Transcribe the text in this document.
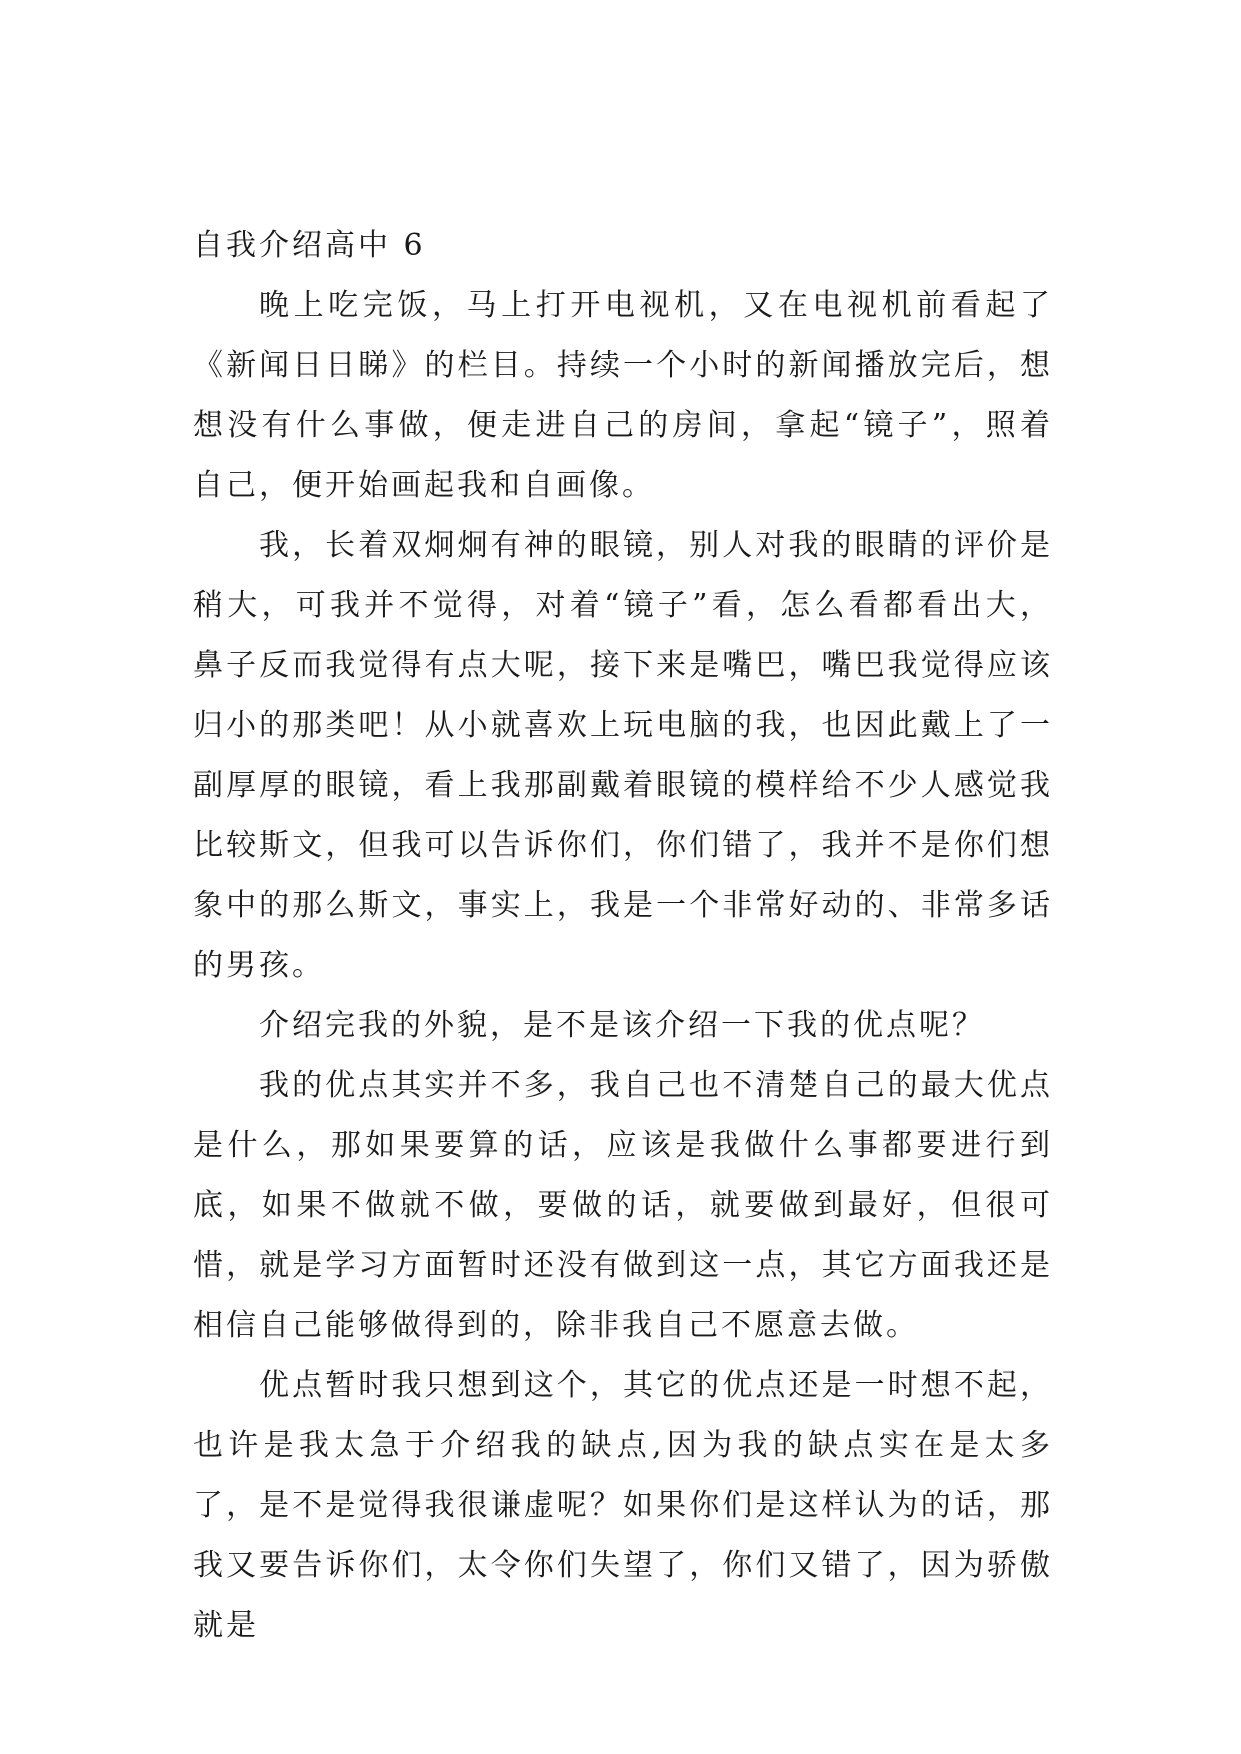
自我介绍高中 6

晚上吃完饭，马上打开电视机，又在电视机前看起了《新闻日日睇》的栏目。持续一个小时的新闻播放完后，想想没有什么事做，便走进自己的房间，拿起“镜子”，照着自己，便开始画起我和自画像。

我，长着双炯炯有神的眼镜，别人对我的眼睛的评价是稍大，可我并不觉得，对着“镜子”看，怎么看都看出大，鼻子反而我觉得有点大呢，接下来是嘴巴，嘴巴我觉得应该归小的那类吧！从小就喜欢上玩电脑的我，也因此戴上了一副厚厚的眼镜，看上我那副戴着眼镜的模样给不少人感觉我比较斯文，但我可以告诉你们，你们错了，我并不是你们想象中的那么斯文，事实上，我是一个非常好动的、非常多话的男孩。

介绍完我的外貌，是不是该介绍一下我的优点呢？

我的优点其实并不多，我自己也不清楚自己的最大优点是什么，那如果要算的话，应该是我做什么事都要进行到底，如果不做就不做，要做的话，就要做到最好，但很可惜，就是学习方面暂时还没有做到这一点，其它方面我还是相信自己能够做得到的，除非我自己不愿意去做。

优点暂时我只想到这个，其它的优点还是一时想不起，也许是我太急于介绍我的缺点,因为我的缺点实在是太多了，是不是觉得我很谦虚呢？如果你们是这样认为的话，那我又要告诉你们，太令你们失望了，你们又错了，因为骄傲就是
